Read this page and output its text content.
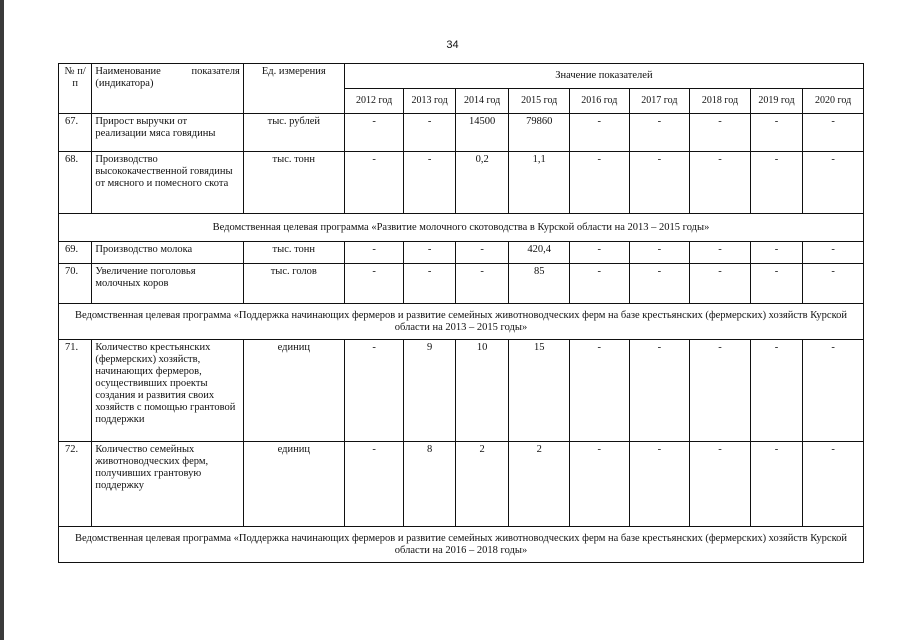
34
№ п/п	Наименование показателя (индикатора)	Ед. измерения	Значение показателей								
			2012 год	2013 год	2014 год	2015 год	2016 год	2017 год	2018 год	2019 год	2020 год
67.	Прирост выручки от реализации мяса говядины	тыс. рублей	-	-	14500	79860	-	-	-	-	-
68.	Производство высококачественной говядины от мясного и помесного скота	тыс. тонн	-	-	0,2	1,1	-	-	-	-	-
Ведомственная целевая программа «Развитие молочного скотоводства в Курской области на 2013 – 2015 годы»											
69.	Производство молока	тыс. тонн	-	-	-	420,4	-	-	-	-	-
70.	Увеличение поголовья молочных коров	тыс. голов	-	-	-	85	-	-	-	-	-
Ведомственная целевая программа «Поддержка начинающих фермеров и развитие семейных животноводческих ферм на базе крестьянских (фермерских) хозяйств Курской области на 2013 – 2015 годы»											
71.	Количество крестьянских (фермерских) хозяйств, начинающих фермеров, осуществивших проекты создания и развития своих хозяйств с помощью грантовой поддержки	единиц	-	9	10	15	-	-	-	-	-
72.	Количество семейных животноводческих ферм, получивших грантовую поддержку	единиц	-	8	2	2	-	-	-	-	-
Ведомственная целевая программа «Поддержка начинающих фермеров и развитие семейных животноводческих ферм на базе крестьянских (фермерских) хозяйств Курской области на 2016 – 2018 годы»											
